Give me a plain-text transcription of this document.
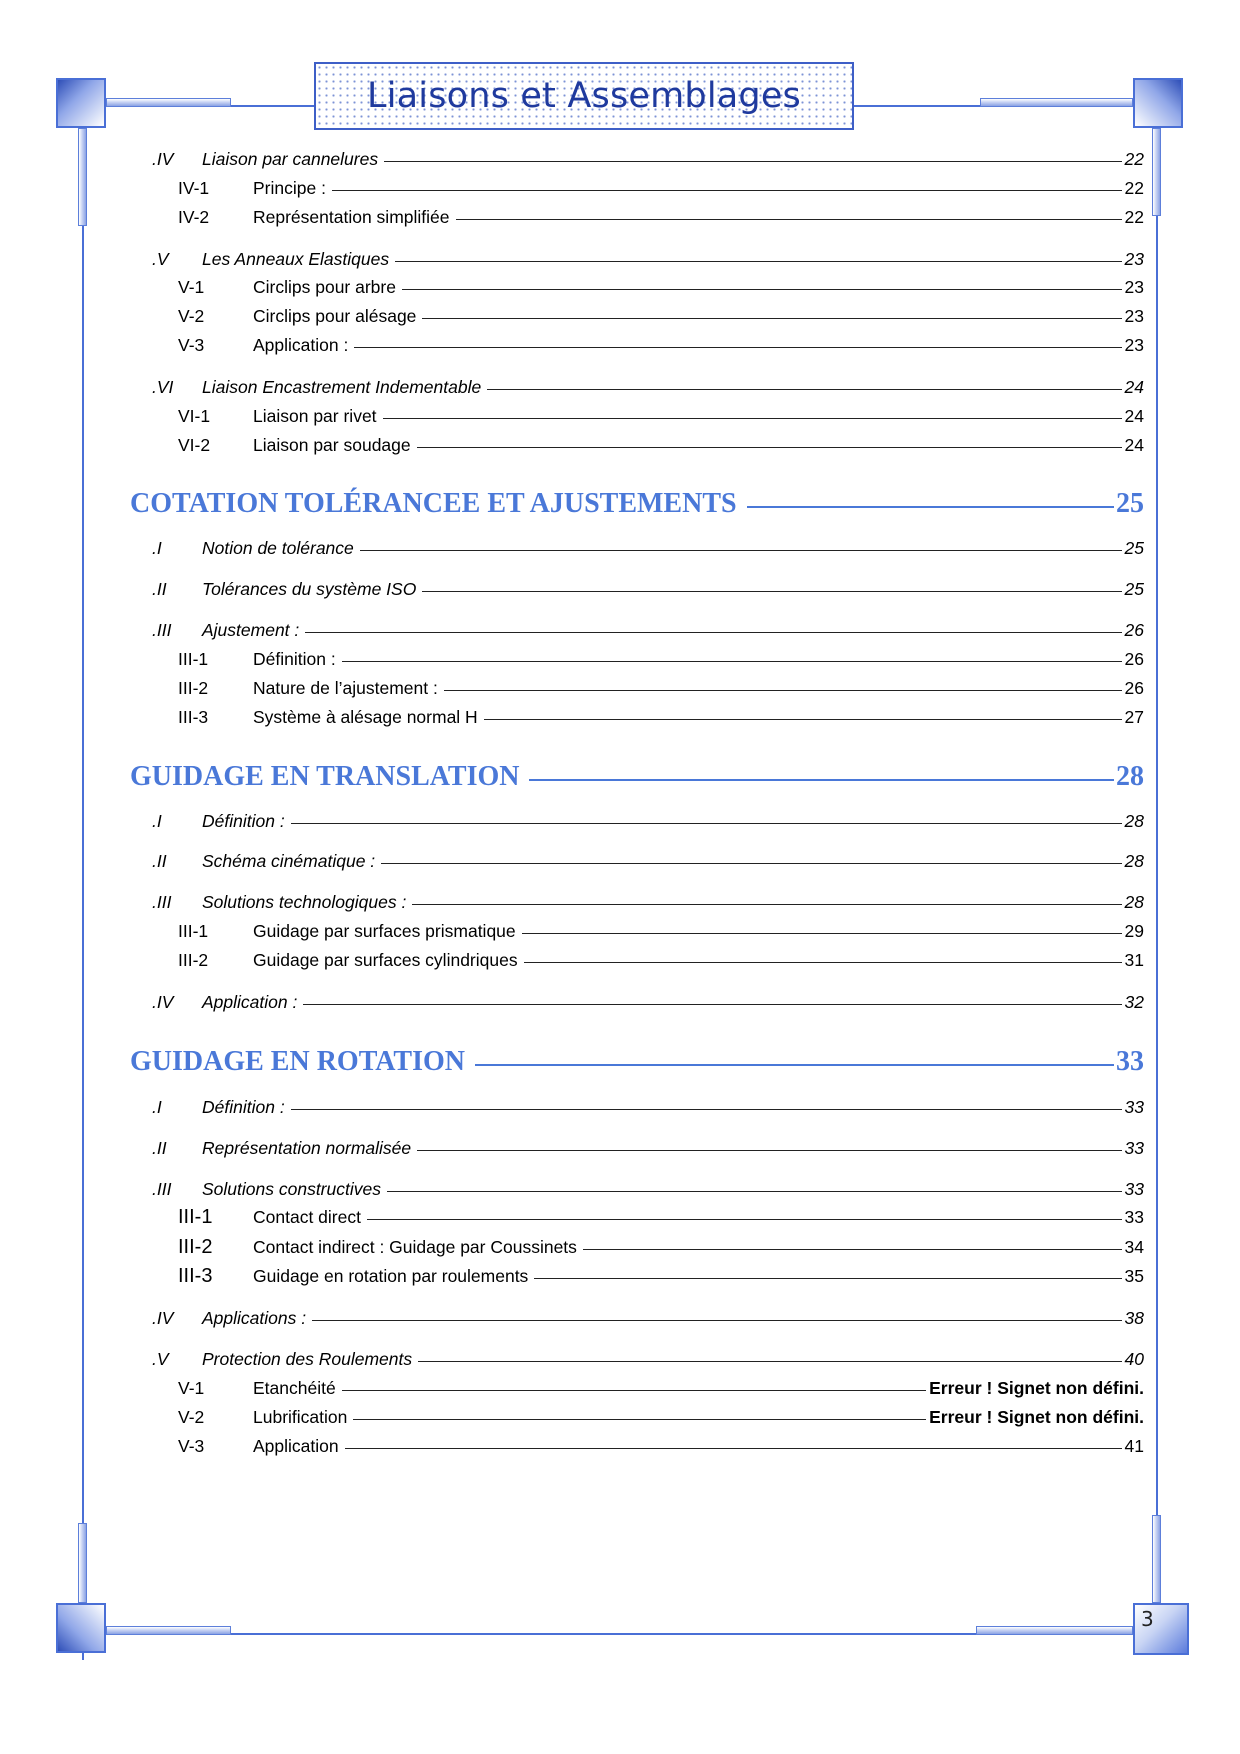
Liaisons et Assemblages
3
.IV	Liaison par cannelures	22
IV-1	Principe :	22
IV-2	Représentation simplifiée	22
.V	Les Anneaux Elastiques	23
V-1	Circlips pour arbre	23
V-2	Circlips pour alésage	23
V-3	Application :	23
.VI	Liaison Encastrement Indementable	24
VI-1	Liaison par rivet	24
VI-2	Liaison par soudage	24
COTATION TOLÉRANCEE ET AJUSTEMENTS	25
.I	Notion de tolérance	25
.II	Tolérances du système ISO	25
.III	Ajustement :	26
III-1	Définition :	26
III-2	Nature de l’ajustement :	26
III-3	Système à alésage normal H	27
GUIDAGE EN TRANSLATION	28
.I	Définition :	28
.II	Schéma cinématique :	28
.III	Solutions technologiques :	28
III-1	Guidage par surfaces prismatique	29
III-2	Guidage par surfaces cylindriques	31
.IV	Application :	32
GUIDAGE EN ROTATION	33
.I	Définition :	33
.II	Représentation normalisée	33
.III	Solutions constructives	33
III-1	Contact direct	33
III-2	Contact indirect : Guidage par Coussinets	34
III-3	Guidage en rotation par roulements	35
.IV	Applications :	38
.V	Protection des Roulements	40
V-1	Etanchéité	Erreur ! Signet non défini.
V-2	Lubrification	Erreur ! Signet non défini.
V-3	Application	41
